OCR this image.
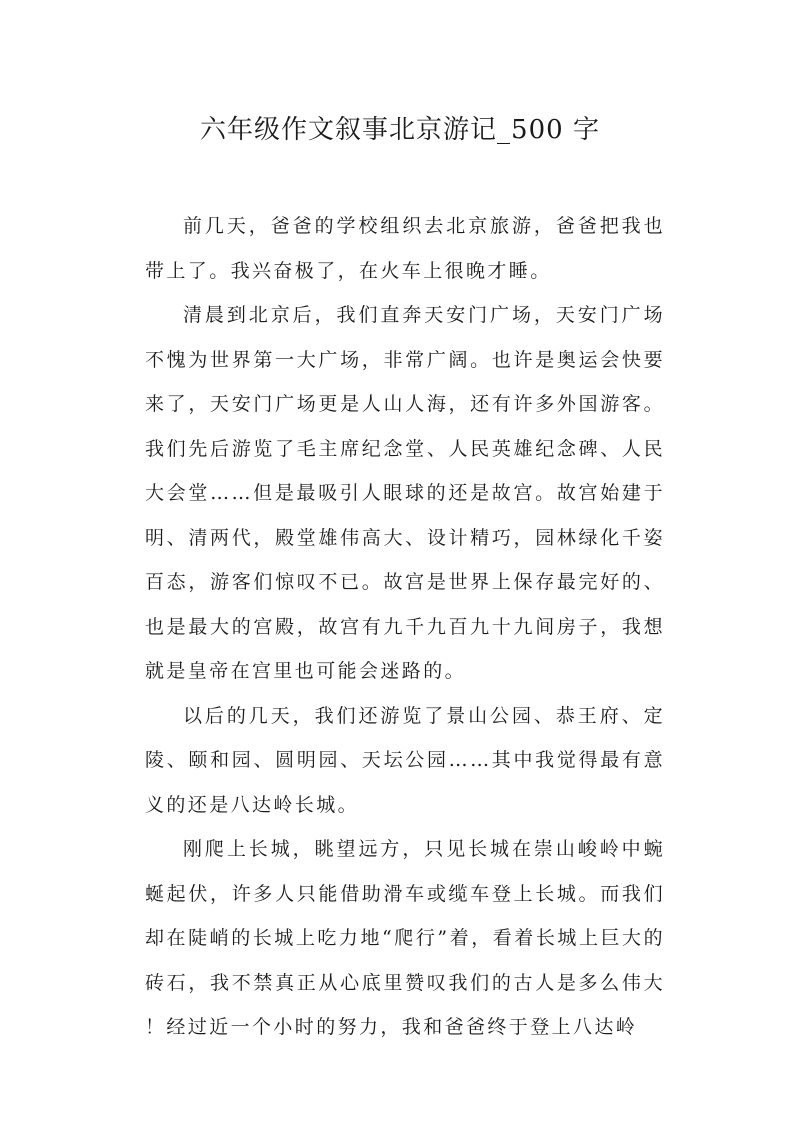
六年级作文叙事北京游记_500 字

前几天，爸爸的学校组织去北京旅游，爸爸把我也带上了。我兴奋极了，在火车上很晚才睡。

清晨到北京后，我们直奔天安门广场，天安门广场不愧为世界第一大广场，非常广阔。也许是奥运会快要来了，天安门广场更是人山人海，还有许多外国游客。我们先后游览了毛主席纪念堂、人民英雄纪念碑、人民大会堂……但是最吸引人眼球的还是故宫。故宫始建于明、清两代，殿堂雄伟高大、设计精巧，园林绿化千姿百态，游客们惊叹不已。故宫是世界上保存最完好的、也是最大的宫殿，故宫有九千九百九十九间房子，我想就是皇帝在宫里也可能会迷路的。

以后的几天，我们还游览了景山公园、恭王府、定陵、颐和园、圆明园、天坛公园……其中我觉得最有意义的还是八达岭长城。

刚爬上长城，眺望远方，只见长城在崇山峻岭中蜿蜒起伏，许多人只能借助滑车或缆车登上长城。而我们却在陡峭的长城上吃力地“爬行”着，看着长城上巨大的砖石，我不禁真正从心底里赞叹我们的古人是多么伟大 ！经过近一个小时的努力，我和爸爸终于登上八达岭
